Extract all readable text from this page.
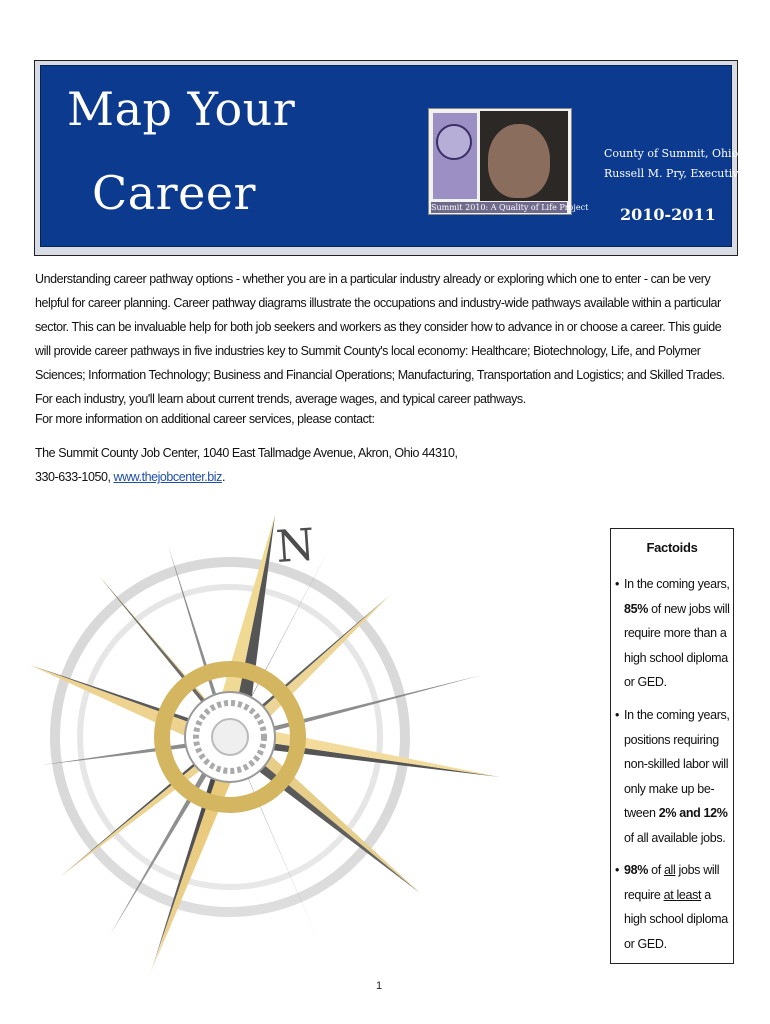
Map Your
Career	Summit 2010: A Quality of Life Project
County of Summit, Ohio
Russell M. Pry, Executive
2010-2011

Understanding career pathway options - whether you are in a particular industry already or exploring which one to enter - can be very helpful for career planning. Career pathway diagrams illustrate the occupations and industry-wide pathways available within a particular sector. This can be invaluable help for both job seekers and workers as they consider how to advance in or choose a career. This guide will provide career pathways in five industries key to Summit County's local economy: Healthcare; Biotechnology, Life, and Polymer Sciences; Information Technology; Business and Financial Operations; Manufacturing, Transportation and Logistics; and Skilled Trades. For each industry, you'll learn about current trends, average wages, and typical career pathways.

For more information on additional career services, please contact:

The Summit County Job Center, 1040 East Tallmadge Avenue, Akron, Ohio 44310,

330-633-1050, www.thejobcenter.biz.

N	Factoids
• In the coming years, 85% of new jobs will require more than a high school diploma or GED.
• In the coming years, positions requiring non-skilled labor will only make up be-tween 2% and 12% of all available jobs.
• 98% of all jobs will require at least a high school diploma or GED.
1
